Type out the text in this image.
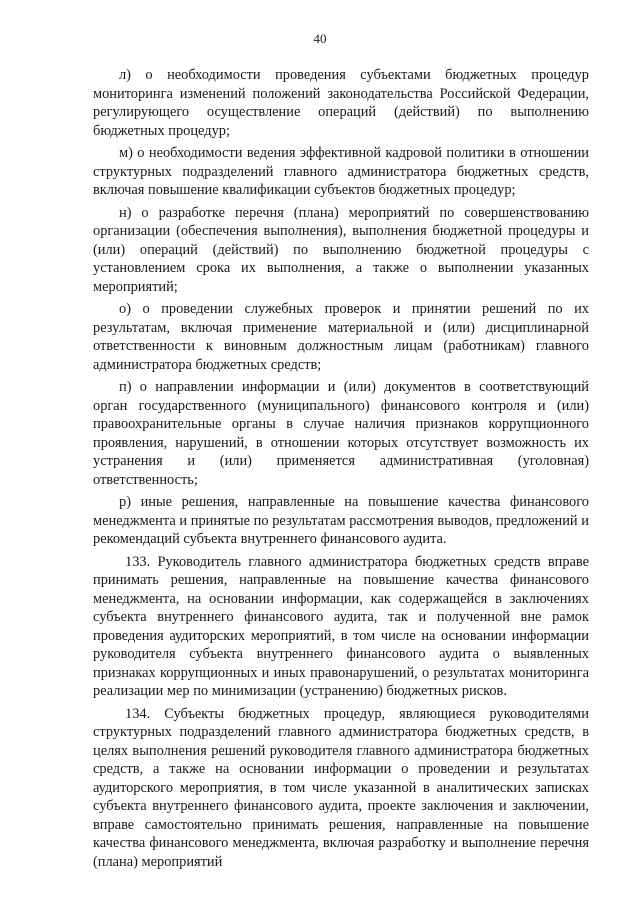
40

л) о необходимости проведения субъектами бюджетных процедур мониторинга изменений положений законодательства Российской Федерации, регулирующего осуществление операций (действий) по выполнению бюджетных процедур;

м) о необходимости ведения эффективной кадровой политики в отношении структурных подразделений главного администратора бюджетных средств, включая повышение квалификации субъектов бюджетных процедур;

н) о разработке перечня (плана) мероприятий по совершенствованию организации (обеспечения выполнения), выполнения бюджетной процедуры и (или) операций (действий) по выполнению бюджетной процедуры с установлением срока их выполнения, а также о выполнении указанных мероприятий;

о) о проведении служебных проверок и принятии решений по их результатам, включая применение материальной и (или) дисциплинарной ответственности к виновным должностным лицам (работникам) главного администратора бюджетных средств;

п) о направлении информации и (или) документов в соответствующий орган государственного (муниципального) финансового контроля и (или) правоохранительные органы в случае наличия признаков коррупционного проявления, нарушений, в отношении которых отсутствует возможность их устранения и (или) применяется административная (уголовная) ответственность;

р) иные решения, направленные на повышение качества финансового менеджмента и принятые по результатам рассмотрения выводов, предложений и рекомендаций субъекта внутреннего финансового аудита.

133. Руководитель главного администратора бюджетных средств вправе принимать решения, направленные на повышение качества финансового менеджмента, на основании информации, как содержащейся в заключениях субъекта внутреннего финансового аудита, так и полученной вне рамок проведения аудиторских мероприятий, в том числе на основании информации руководителя субъекта внутреннего финансового аудита о выявленных признаках коррупционных и иных правонарушений, о результатах мониторинга реализации мер по минимизации (устранению) бюджетных рисков.

134. Субъекты бюджетных процедур, являющиеся руководителями структурных подразделений главного администратора бюджетных средств, в целях выполнения решений руководителя главного администратора бюджетных средств, а также на основании информации о проведении и результатах аудиторского мероприятия, в том числе указанной в аналитических записках субъекта внутреннего финансового аудита, проекте заключения и заключении, вправе самостоятельно принимать решения, направленные на повышение качества финансового менеджмента, включая разработку и выполнение перечня (плана) мероприятий
